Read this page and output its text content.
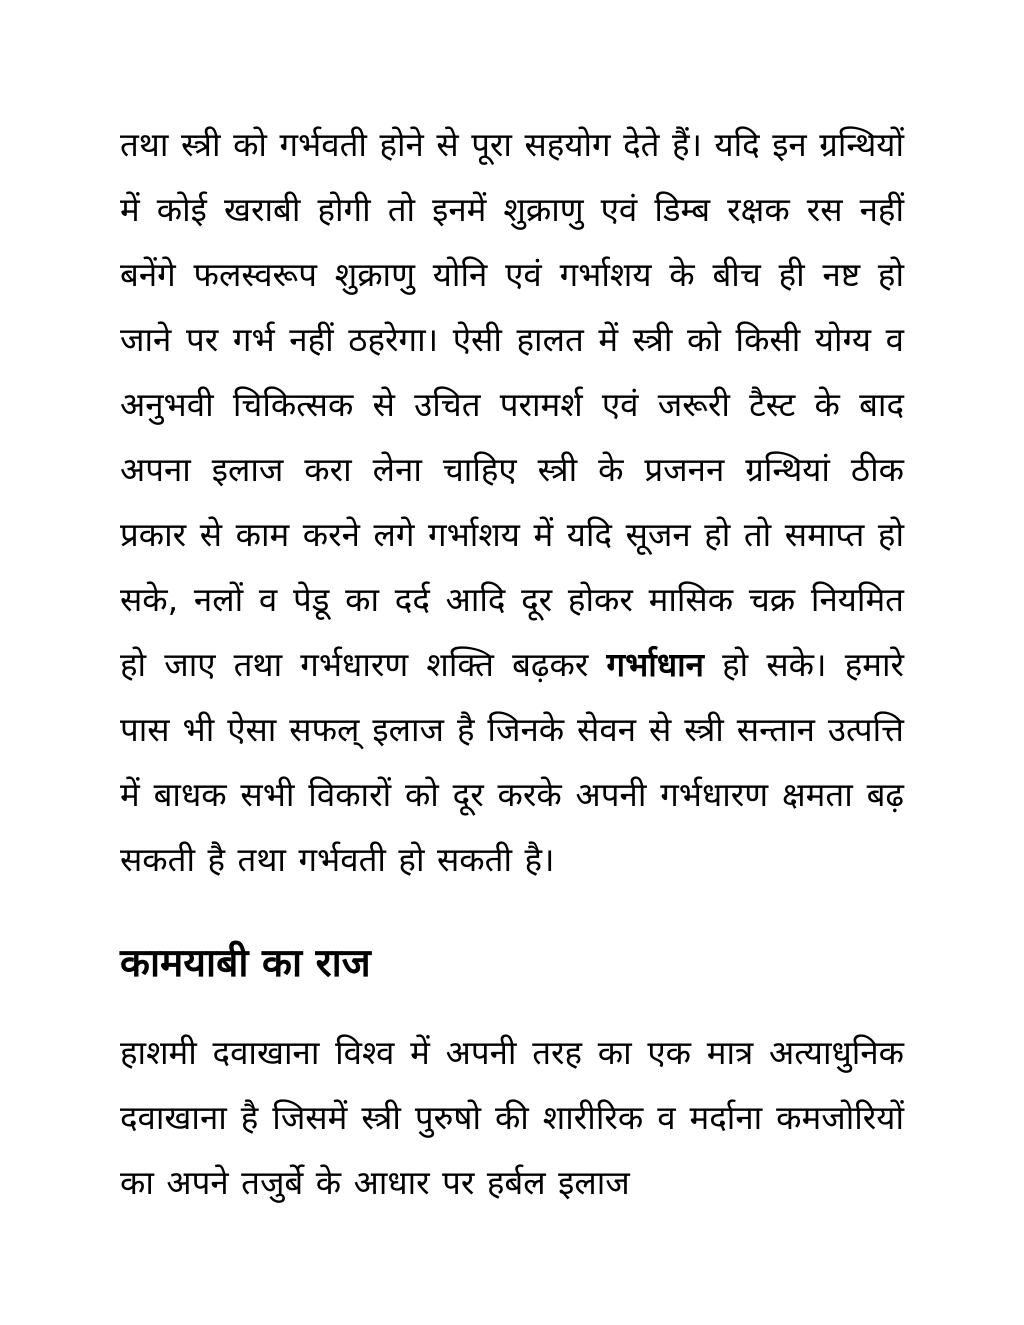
तथा स्त्री को गर्भवती होने से पूरा सहयोग देते हैं। यदि इन ग्रन्थियों में कोई खराबी होगी तो इनमें शुक्राणु एवं डिम्ब रक्षक रस नहीं बनेंगे फलस्वरूप शुक्राणु योनि एवं गर्भाशय के बीच ही नष्ट हो जाने पर गर्भ नहीं ठहरेगा। ऐसी हालत में स्त्री को किसी योग्य व अनुभवी चिकित्सक से उचित परामर्श एवं जरूरी टैस्ट के बाद अपना इलाज करा लेना चाहिए स्त्री के प्रजनन ग्रन्थियां ठीक प्रकार से काम करने लगे गर्भाशय में यदि सूजन हो तो समाप्त हो सके, नलों व पेडू का दर्द आदि दूर होकर मासिक चक्र नियमित हो जाए तथा गर्भधारण शक्ति बढ़कर गर्भाधान हो सके। हमारे पास भी ऐसा सफल् इलाज है जिनके सेवन से स्त्री सन्तान उत्पत्ति में बाधक सभी विकारों को दूर करके अपनी गर्भधारण क्षमता बढ़ सकती है तथा गर्भवती हो सकती है।

कामयाबी का राज

हाशमी दवाखाना विश्व में अपनी तरह का एक मात्र अत्याधुनिक दवाखाना है जिसमें स्त्री पुरुषो की शारीरिक व मर्दाना कमजोरियों का अपने तजुर्बे के आधार पर हर्बल इलाज
